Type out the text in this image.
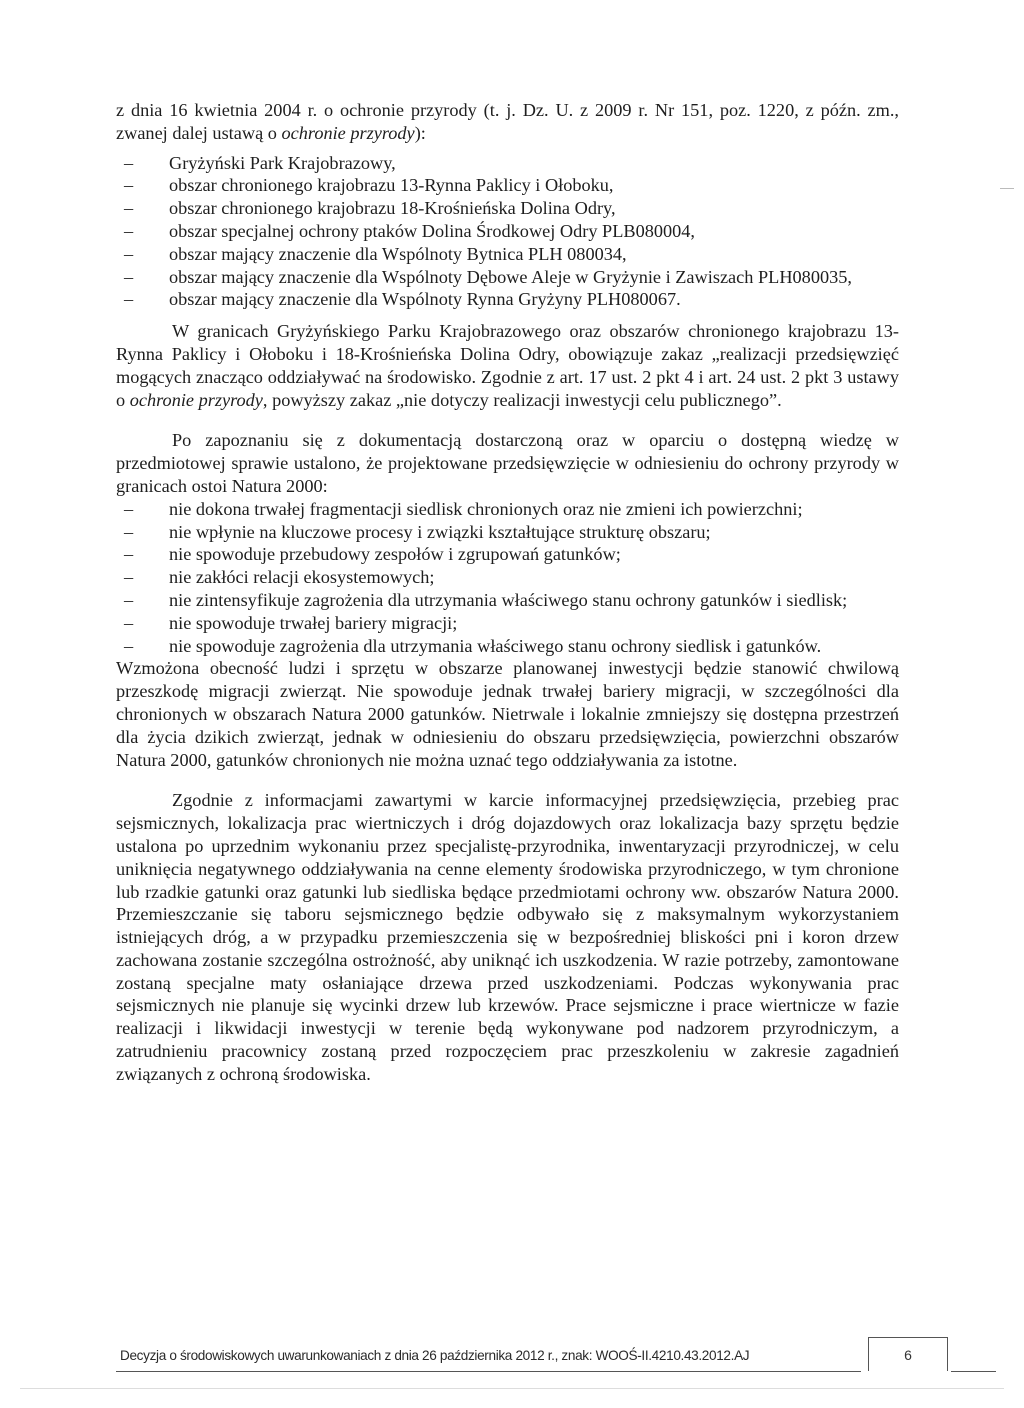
z dnia 16 kwietnia 2004 r. o ochronie przyrody (t. j. Dz. U. z 2009 r. Nr 151, poz. 1220, z późn. zm., zwanej dalej ustawą o ochronie przyrody):

– Gryżyński Park Krajobrazowy,
– obszar chronionego krajobrazu 13-Rynna Paklicy i Ołoboku,
– obszar chronionego krajobrazu 18-Krośnieńska Dolina Odry,
– obszar specjalnej ochrony ptaków Dolina Środkowej Odry PLB080004,
– obszar mający znaczenie dla Wspólnoty Bytnica PLH 080034,
– obszar mający znaczenie dla Wspólnoty Dębowe Aleje w Gryżynie i Zawiszach PLH080035,
– obszar mający znaczenie dla Wspólnoty Rynna Gryżyny PLH080067.

W granicach Gryżyńskiego Parku Krajobrazowego oraz obszarów chronionego krajobrazu 13-Rynna Paklicy i Ołoboku i 18-Krośnieńska Dolina Odry, obowiązuje zakaz „realizacji przedsięwzięć mogących znacząco oddziaływać na środowisko. Zgodnie z art. 17 ust. 2 pkt 4 i art. 24 ust. 2 pkt 3 ustawy o ochronie przyrody, powyższy zakaz „nie dotyczy realizacji inwestycji celu publicznego”.

Po zapoznaniu się z dokumentacją dostarczoną oraz w oparciu o dostępną wiedzę w przedmiotowej sprawie ustalono, że projektowane przedsięwzięcie w odniesieniu do ochrony przyrody w granicach ostoi Natura 2000:

– nie dokona trwałej fragmentacji siedlisk chronionych oraz nie zmieni ich powierzchni;
– nie wpłynie na kluczowe procesy i związki kształtujące strukturę obszaru;
– nie spowoduje przebudowy zespołów i zgrupowań gatunków;
– nie zakłóci relacji ekosystemowych;
– nie zintensyfikuje zagrożenia dla utrzymania właściwego stanu ochrony gatunków i siedlisk;
– nie spowoduje trwałej bariery migracji;
– nie spowoduje zagrożenia dla utrzymania właściwego stanu ochrony siedlisk i gatunków.

Wzmożona obecność ludzi i sprzętu w obszarze planowanej inwestycji będzie stanowić chwilową przeszkodę migracji zwierząt. Nie spowoduje jednak trwałej bariery migracji, w szczególności dla chronionych w obszarach Natura 2000 gatunków. Nietrwale i lokalnie zmniejszy się dostępna przestrzeń dla życia dzikich zwierząt, jednak w odniesieniu do obszaru przedsięwzięcia, powierzchni obszarów Natura 2000, gatunków chronionych nie można uznać tego oddziaływania za istotne.

Zgodnie z informacjami zawartymi w karcie informacyjnej przedsięwzięcia, przebieg prac sejsmicznych, lokalizacja prac wiertniczych i dróg dojazdowych oraz lokalizacja bazy sprzętu będzie ustalona po uprzednim wykonaniu przez specjalistę-przyrodnika, inwentaryzacji przyrodniczej, w celu uniknięcia negatywnego oddziaływania na cenne elementy środowiska przyrodniczego, w tym chronione lub rzadkie gatunki oraz gatunki lub siedliska będące przedmiotami ochrony ww. obszarów Natura 2000. Przemieszczanie się taboru sejsmicznego będzie odbywało się z maksymalnym wykorzystaniem istniejących dróg, a w przypadku przemieszczenia się w bezpośredniej bliskości pni i koron drzew zachowana zostanie szczególna ostrożność, aby uniknąć ich uszkodzenia. W razie potrzeby, zamontowane zostaną specjalne maty osłaniające drzewa przed uszkodzeniami. Podczas wykonywania prac sejsmicznych nie planuje się wycinki drzew lub krzewów. Prace sejsmiczne i prace wiertnicze w fazie realizacji i likwidacji inwestycji w terenie będą wykonywane pod nadzorem przyrodniczym, a zatrudnieniu pracownicy zostaną przed rozpoczęciem prac przeszkoleniu w zakresie zagadnień związanych z ochroną środowiska.

Decyzja o środowiskowych uwarunkowaniach z dnia 26 października 2012 r., znak: WOOŚ-II.4210.43.2012.AJ	6
